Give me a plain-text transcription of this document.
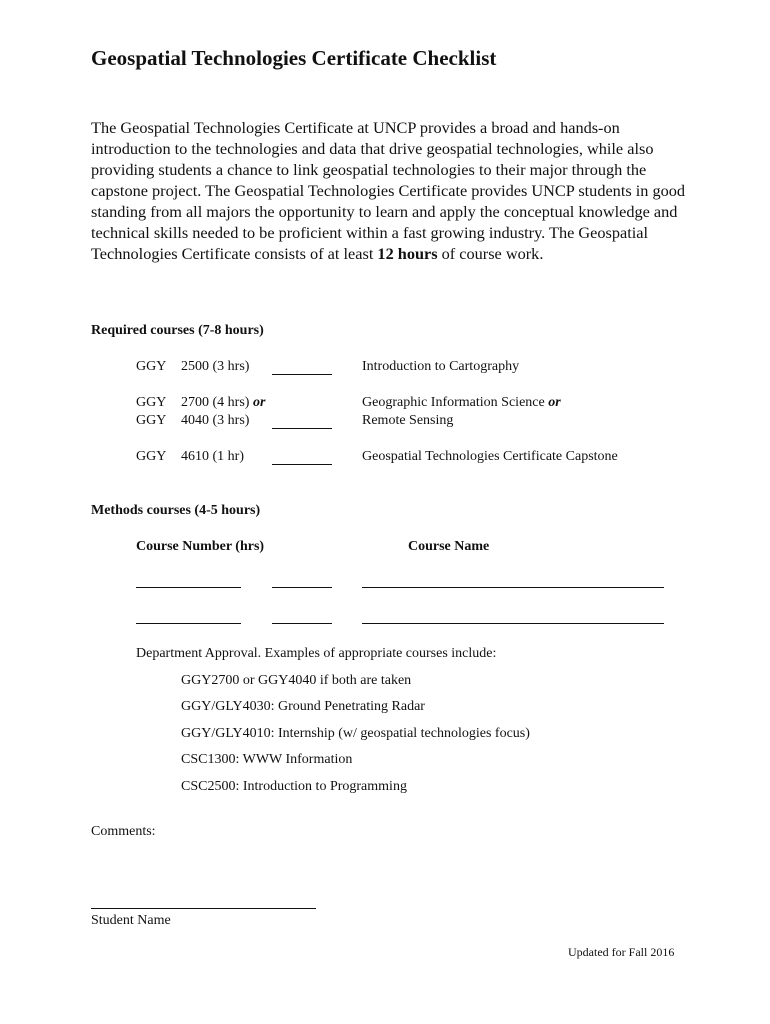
Geospatial Technologies Certificate Checklist
The Geospatial Technologies Certificate at UNCP provides a broad and hands-on introduction to the technologies and data that drive geospatial technologies, while also providing students a chance to link geospatial technologies to their major through the capstone project. The Geospatial Technologies Certificate provides UNCP students in good standing from all majors the opportunity to learn and apply the conceptual knowledge and technical skills needed to be proficient within a fast growing industry. The Geospatial Technologies Certificate consists of at least 12 hours of course work.
Required courses (7-8 hours)
GGY 2500 (3 hrs)	Introduction to Cartography
GGY 2700 (4 hrs) or	Geographic Information Science or
GGY 4040 (3 hrs)	Remote Sensing
GGY 4610 (1 hr)	Geospatial Technologies Certificate Capstone
Methods courses (4-5 hours)
Course Number (hrs)	Course Name
Department Approval. Examples of appropriate courses include:
GGY2700 or GGY4040 if both are taken
GGY/GLY4030: Ground Penetrating Radar
GGY/GLY4010: Internship (w/ geospatial technologies focus)
CSC1300: WWW Information
CSC2500: Introduction to Programming
Comments:
Student Name
Updated for Fall 2016
